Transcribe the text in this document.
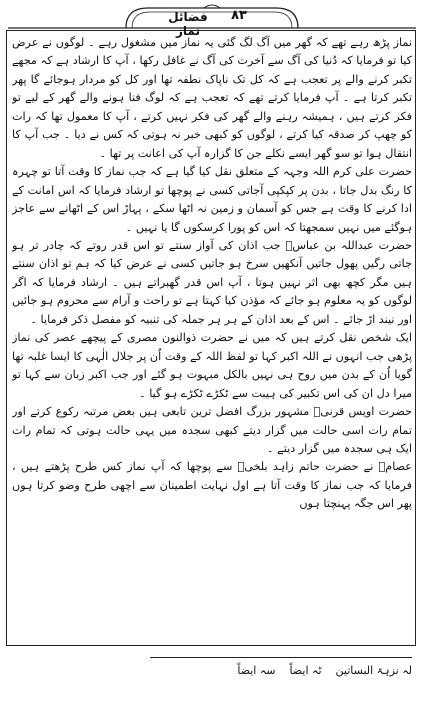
فضائل نماز
۸۳

نماز پڑھ رہے تھے کہ گھر میں آگ لگ گئی یہ نماز میں مشغول رہے ۔ لوگوں نے عرض کیا تو فرمایا کہ دُنیا کی آگ سے آخرت کی آگ نے غافل رکھا ، آپ کا ارشاد ہے کہ مجھے تکبر کرنے والے پر تعجب ہے کہ کل تک ناپاک نطفہ تھا اور کل کو مردار ہوجائے گا پھر تکبر کرتا ہے ۔ آپ فرمایا کرتے تھے کہ تعجب ہے کہ لوگ فنا ہونے والے گھر کے لیے تو فکر کرتے ہیں ، ہمیشہ رہنے والے گھر کی فکر نہیں کرتے ، آپ کا معمول تھا کہ رات کو چھپ کر صدقہ کیا کرتے ، لوگوں کو کبھی خبر نہ ہوتی کہ کس نے دیا ۔ جب آپ کا انتقال ہوا تو سو گھر ایسے نکلے جن کا گزارہ آپ کی اعانت پر تھا ۔

حضرت علی کرم اللہ وجہہ کے متعلق نقل کیا گیا ہے کہ جب نماز کا وقت آتا تو چہرہ کا رنگ بدل جاتا ، بدن پر کپکپی آجاتی کسی نے پوچھا تو ارشاد فرمایا کہ اس امانت کے ادا کرنے کا وقت ہے جس کو آسمان و زمین نہ اٹھا سکے ، پہاڑ اس کے اٹھانے سے عاجز ہوگئے میں نہیں سمجھتا کہ اس کو پورا کرسکوں گا یا نہیں ۔

حضرت عبداللہ بن عباسؓ جب اذان کی آواز سنتے تو اس قدر روتے کہ چادر تر ہو جاتی رگیں پھول جاتیں آنکھیں سرخ ہو جاتیں کسی نے عرض کیا کہ ہم تو اذان سنتے ہیں مگر کچھ بھی اثر نہیں ہوتا ، آپ اس قدر گھبراتے ہیں ۔ ارشاد فرمایا کہ اگر لوگوں کو یہ معلوم ہو جائے کہ مؤذن کیا کہتا ہے تو راحت و آرام سے محروم ہو جائیں اور نیند اڑ جائے ۔ اس کے بعد اذان کے ہر ہر جملہ کی تنبیہ کو مفصل ذکر فرمایا ۔

ایک شخص نقل کرتے ہیں کہ میں نے حضرت ذوالنون مصری کے پیچھے عصر کی نماز پڑھی جب انہوں نے اللہ اکبر کہا تو لفظ اللہ کے وقت اُن پر جلال الٰہی کا ایسا غلبہ تھا گویا اُن کے بدن میں روح ہی نہیں بالکل مبہوت ہو گئے اور جب اکبر زبان سے کہا تو میرا دل ان کی اس تکبیر کی ہیبت سے ٹکڑے ٹکڑے ہو گیا ۔

حضرت اویس قرنیؒ مشہور بزرگ افضل ترین تابعی ہیں بعض مرتبہ رکوع کرتے اور تمام رات اسی حالت میں گزار دیتے کبھی سجدہ میں یہی حالت ہوتی کہ تمام رات ایک ہی سجدہ میں گزار دیتے ۔

عصامؒ نے حضرت حاتم زاہد بلخیؒ سے پوچھا کہ آپ نماز کس طرح پڑھتے ہیں ، فرمایا کہ جب نماز کا وقت آتا ہے اول نہایت اطمینان سے اچھی طرح وضو کرتا ہوں پھر اس جگہ پہنچتا ہوں

لہ نزہۃ البساتین
ٹہ ایضاً
سہ ایضاً
